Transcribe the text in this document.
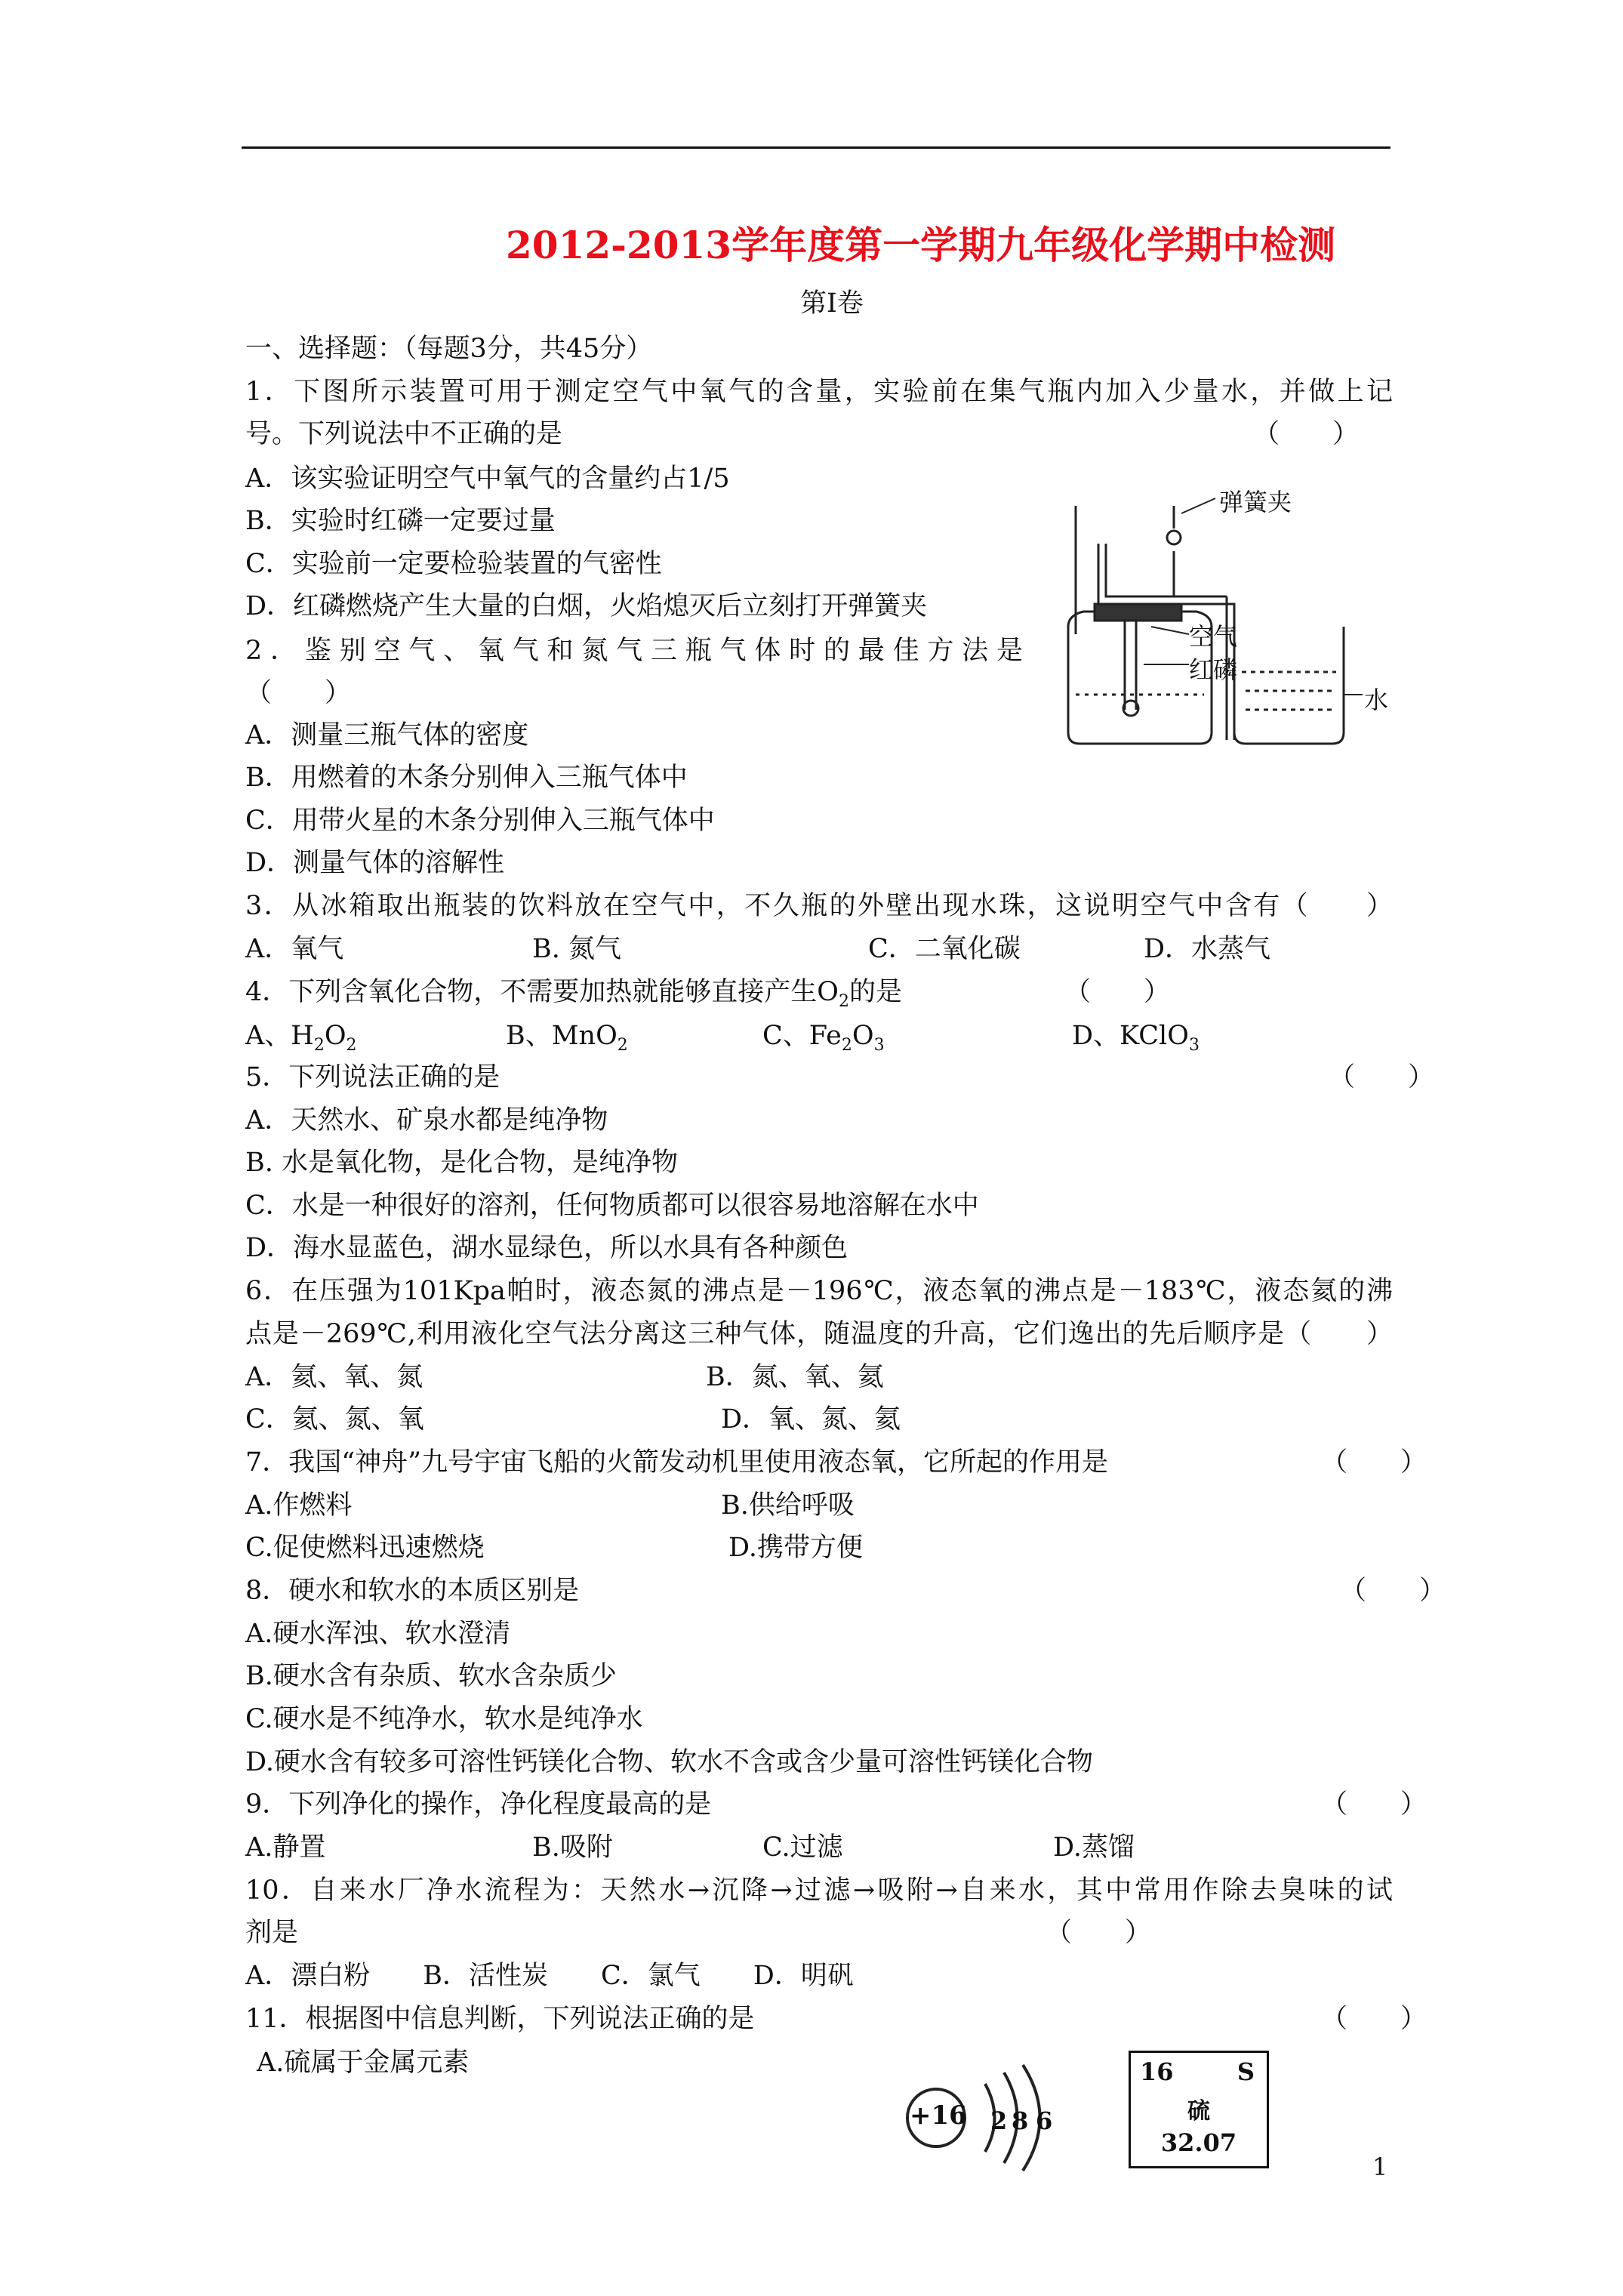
2012-2013学年度第一学期九年级化学期中检测
第I卷
一、选择题：（每题3分，共45分）
1．下图所示装置可用于测定空气中氧气的含量，实验前在集气瓶内加入少量水，并做上记
号。下列说法中不正确的是	（　　）
A．该实验证明空气中氧气的含量约占1/5
B．实验时红磷一定要过量
C．实验前一定要检验装置的气密性
D．红磷燃烧产生大量的白烟，火焰熄灭后立刻打开弹簧夹
弹簧夹
空气
红磷
水
2．鉴别空气、氧气和氮气三瓶气体时的最佳方法是
（　　）
A．测量三瓶气体的密度
B．用燃着的木条分别伸入三瓶气体中
C．用带火星的木条分别伸入三瓶气体中
D．测量气体的溶解性
3．从冰箱取出瓶装的饮料放在空气中，不久瓶的外壁出现水珠，这说明空气中含有（　　）
A．氧气	B. 氮气	C．二氧化碳	D．水蒸气
4．下列含氧化合物，不需要加热就能够直接产生$O_2$的是	（　　）
A、$H_2O_2$	B、MnO$_2$	C、$Fe_2O_3$	D、KClO$_3$
5．下列说法正确的是	（　　）
A．天然水、矿泉水都是纯净物
B. 水是氧化物，是化合物，是纯净物
C．水是一种很好的溶剂，任何物质都可以很容易地溶解在水中
D．海水显蓝色，湖水显绿色，所以水具有各种颜色
6．在压强为101Kpa帕时，液态氮的沸点是－196℃，液态氧的沸点是－183℃，液态氦的沸
点是－269℃,利用液化空气法分离这三种气体，随温度的升高，它们逸出的先后顺序是（　　）
A．氦、氧、氮	B．氮、氧、氦
C．氦、氮、氧	D．氧、氮、氦
7．我国“神舟”九号宇宙飞船的火箭发动机里使用液态氧，它所起的作用是	（　　）
A.作燃料	B.供给呼吸
C.促使燃料迅速燃烧	D.携带方便
8．硬水和软水的本质区别是	（　　）
A.硬水浑浊、软水澄清
B.硬水含有杂质、软水含杂质少
C.硬水是不纯净水，软水是纯净水
D.硬水含有较多可溶性钙镁化合物、软水不含或含少量可溶性钙镁化合物
9．下列净化的操作，净化程度最高的是	（　　）
A.静置	B.吸附	C.过滤	D.蒸馏
10．自来水厂净水流程为：天然水→沉降→过滤→吸附→自来水，其中常用作除去臭味的试
剂是	（　　）
A．漂白粉　　B．活性炭　　C．氯气　　D．明矾
11．根据图中信息判断，下列说法正确的是	（　　）
A.硫属于金属元素
+16 2 8 6
16	S
硫
32.07
1
